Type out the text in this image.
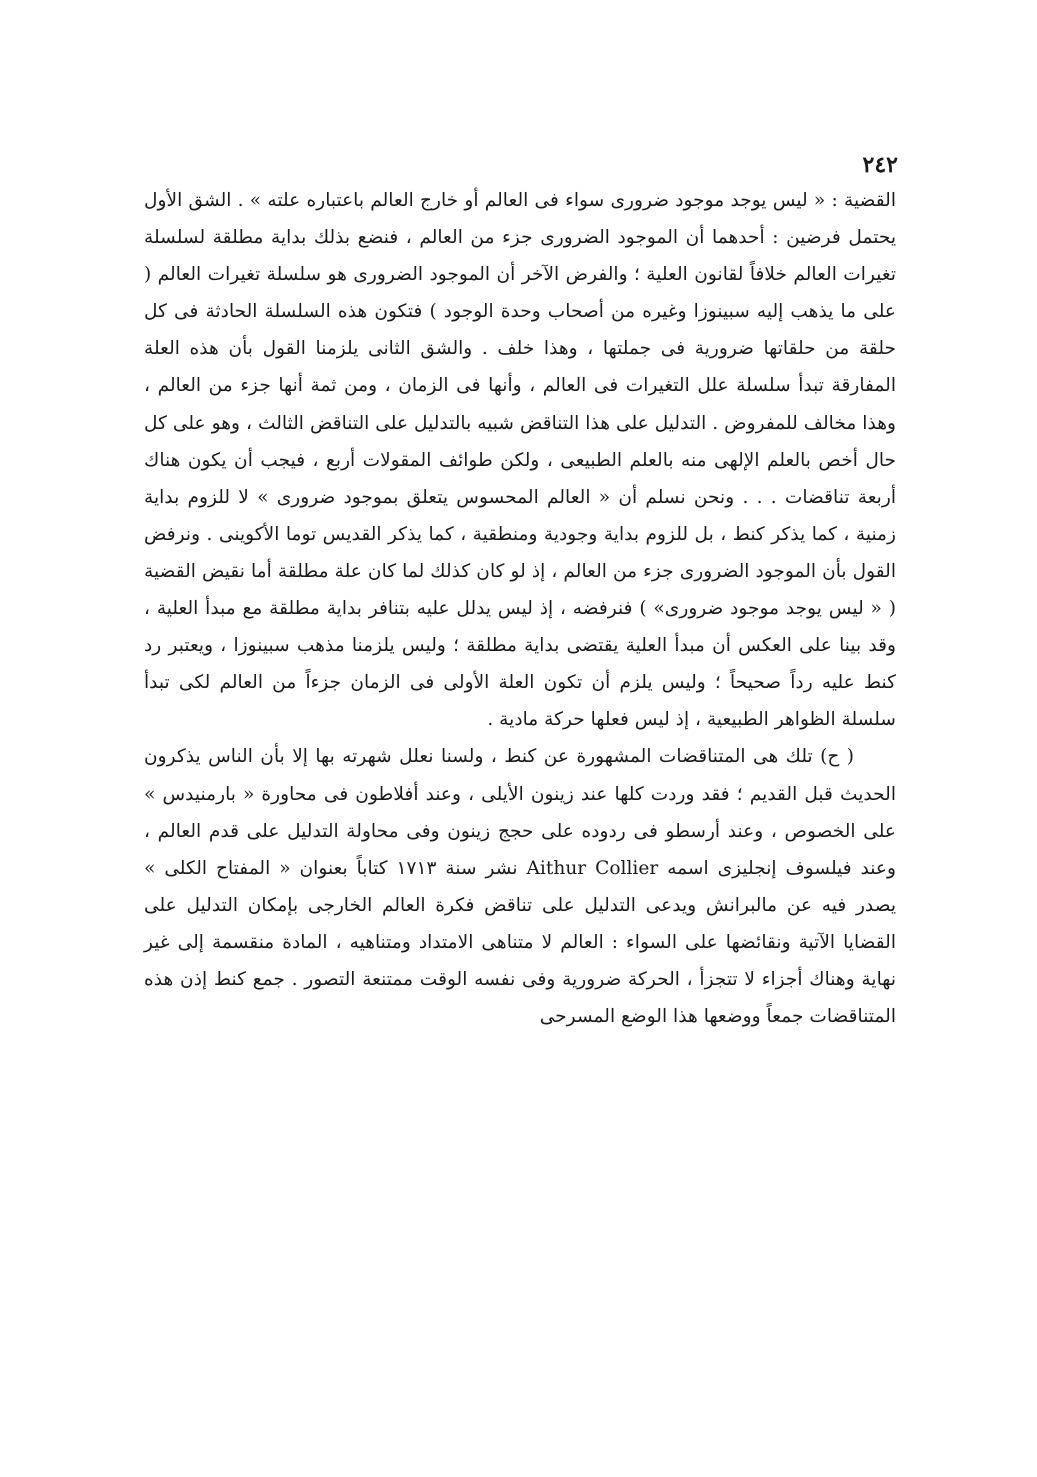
٢٤٢

القضية : « ليس يوجد موجود ضرورى سواء فى العالم أو خارج العالم باعتباره علته » . الشق الأول يحتمل فرضين : أحدهما أن الموجود الضرورى جزء من العالم ، فنضع بذلك بداية مطلقة لسلسلة تغيرات العالم خلافاً لقانون العلية ؛ والفرض الآخر أن الموجود الضرورى هو سلسلة تغيرات العالم ( على ما يذهب إليه سبينوزا وغيره من أصحاب وحدة الوجود ) فتكون هذه السلسلة الحادثة فى كل حلقة من حلقاتها ضرورية فى جملتها ، وهذا خلف . والشق الثانى يلزمنا القول بأن هذه العلة المفارقة تبدأ سلسلة علل التغيرات فى العالم ، وأنها فى الزمان ، ومن ثمة أنها جزء من العالم ، وهذا مخالف للمفروض . التدليل على هذا التناقض شبيه بالتدليل على التناقض الثالث ، وهو على كل حال أخص بالعلم الإلهى منه بالعلم الطبيعى ، ولكن طوائف المقولات أربع ، فيجب أن يكون هناك أربعة تناقضات . . . ونحن نسلم أن « العالم المحسوس يتعلق بموجود ضرورى » لا للزوم بداية زمنية ، كما يذكر كنط ، بل للزوم بداية وجودية ومنطقية ، كما يذكر القديس توما الأكوينى . ونرفض القول بأن الموجود الضرورى جزء من العالم ، إذ لو كان كذلك لما كان علة مطلقة أما نقيض القضية ( « ليس يوجد موجود ضرورى» ) فنرفضه ، إذ ليس يدلل عليه بتنافر بداية مطلقة مع مبدأ العلية ، وقد بينا على العكس أن مبدأ العلية يقتضى بداية مطلقة ؛ وليس يلزمنا مذهب سبينوزا ، ويعتبر رد كنط عليه رداً صحيحاً ؛ وليس يلزم أن تكون العلة الأولى فى الزمان جزءاً من العالم لكى تبدأ سلسلة الظواهر الطبيعية ، إذ ليس فعلها حركة مادية .

( ح) تلك هى المتناقضات المشهورة عن كنط ، ولسنا نعلل شهرته بها إلا بأن الناس يذكرون الحديث قبل القديم ؛ فقد وردت كلها عند زينون الأيلى ، وعند أفلاطون فى محاورة « بارمنيدس » على الخصوص ، وعند أرسطو فى ردوده على حجج زينون وفى محاولة التدليل على قدم العالم ، وعند فيلسوف إنجليزى اسمه Aithur Collier نشر سنة ١٧١٣ كتاباً بعنوان « المفتاح الكلى » يصدر فيه عن مالبرانش ويدعى التدليل على تناقض فكرة العالم الخارجى بإمكان التدليل على القضايا الآتية ونقائضها على السواء : العالم لا متناهى الامتداد ومتناهيه ، المادة منقسمة إلى غير نهاية وهناك أجزاء لا تتجزأ ، الحركة ضرورية وفى نفسه الوقت ممتنعة التصور . جمع كنط إذن هذه المتناقضات جمعاً ووضعها هذا الوضع المسرحى
